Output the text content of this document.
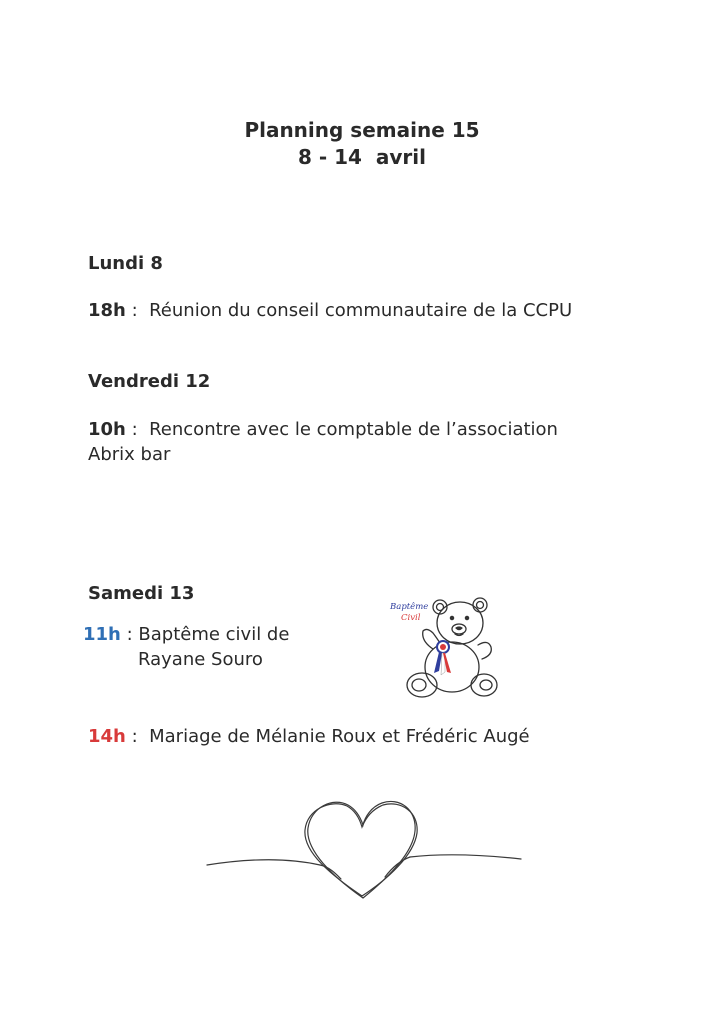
Planning semaine 15
8 - 14  avril
Lundi 8
18h :  Réunion du conseil communautaire de la CCPU
Vendredi 12
10h :  Rencontre avec le comptable de l’association
Abrix bar
Samedi 13
11h : Baptême civil de
Rayane Souro
14h :  Mariage de Mélanie Roux et Frédéric Augé
Baptême
Civil
